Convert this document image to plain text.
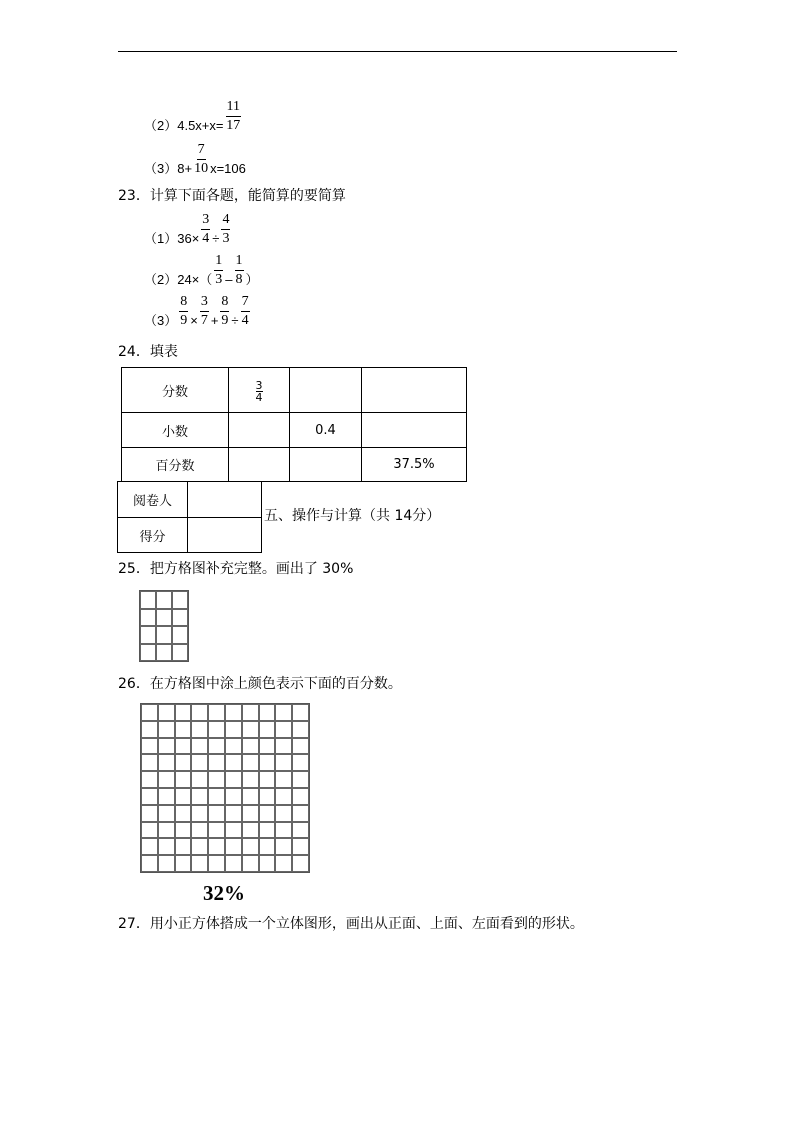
$(2)4.5x+x= \frac{11}{17}$
$(3)8+ \frac{7}{10} x=106$
23．计算下面各题，能简算的要简算
$(1)36\times \frac{3}{4} \div \frac{4}{3}$
$(2)24\times( \frac{1}{3} - \frac{1}{8}$ ）
$(3) \frac{8}{9} \times \frac{3}{7} + \frac{8}{9} \div \frac{7}{4}$
24．填表
分数	$\frac{3}{4}$

小数		0.4	
百分数			37.5%
阅卷人	
得分	
五、操作与计算（共 14分）
25．把方格图补充完整。画出了 30%
26．在方格图中涂上颜色表示下面的百分数。
32%
27．用小正方体搭成一个立体图形，画出从正面、上面、左面看到的形状。
